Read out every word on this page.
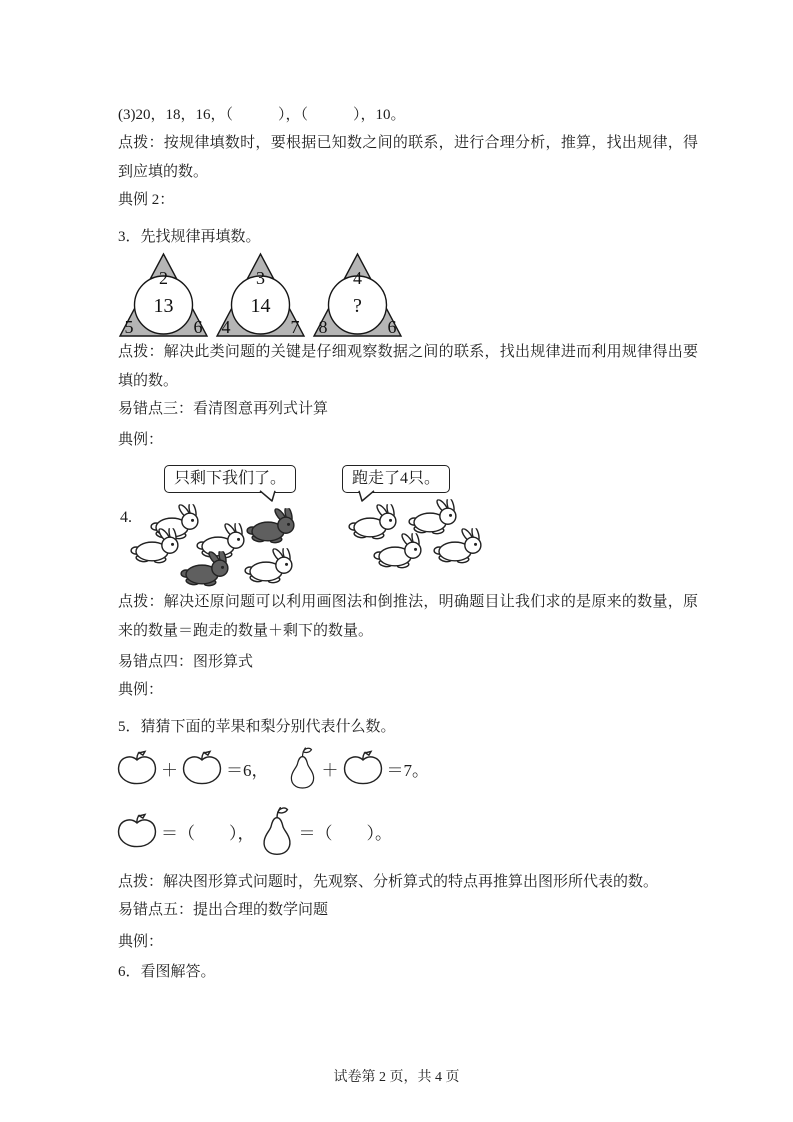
(3)20，18，16，（　　　），（　　　），10。

点拨：按规律填数时，要根据已知数之间的联系，进行合理分析，推算，找出规律，得到应填的数。

典例 2：

3．先找规律再填数。

2
13
5	6
3
14
4	7
4
?
8	6

点拨：解决此类问题的关键是仔细观察数据之间的联系，找出规律进而利用规律得出要填的数。

易错点三：看清图意再列式计算

典例：

4.
只剩下我们了。	跑走了4只。

点拨：解决还原问题可以利用画图法和倒推法，明确题目让我们求的是原来的数量，原来的数量＝跑走的数量＋剩下的数量。

易错点四：图形算式

典例：

5．猜猜下面的苹果和梨分别代表什么数。

＋	＝6，	＋	＝7。
＝（　　），	＝（　　）。

点拨：解决图形算式问题时，先观察、分析算式的特点再推算出图形所代表的数。

易错点五：提出合理的数学问题

典例：

6．看图解答。

试卷第 2 页，共 4 页
